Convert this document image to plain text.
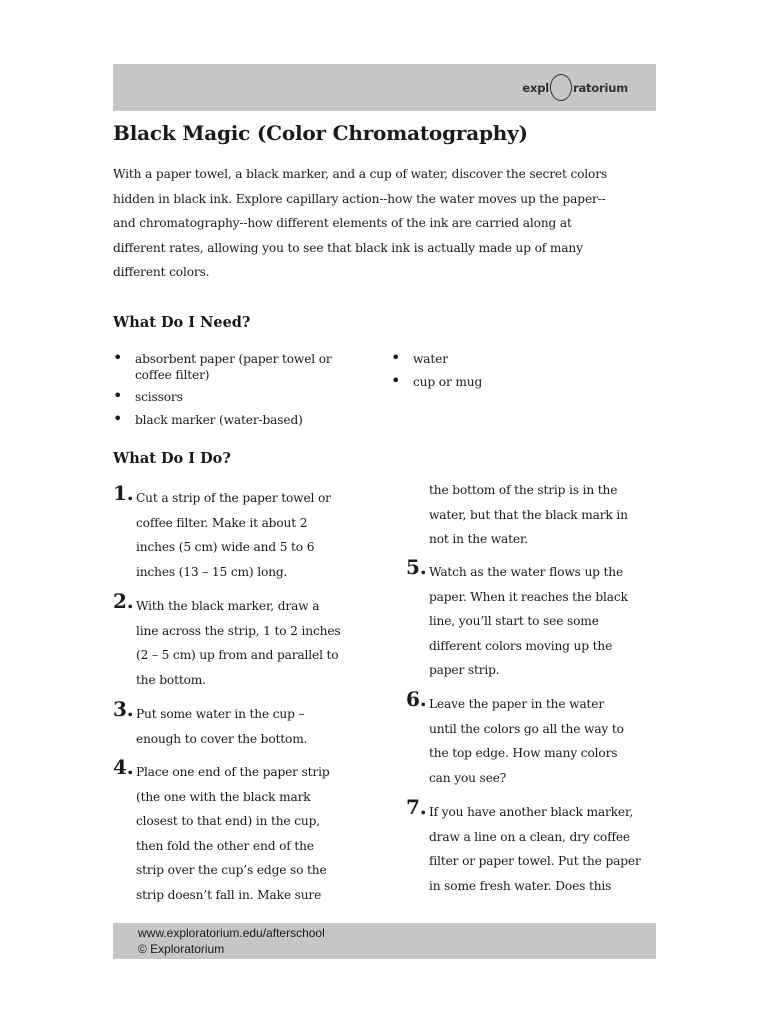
expl ratorium
Black Magic (Color Chromatography)
With a paper towel, a black marker, and a cup of water, discover the secret colors
hidden in black ink. Explore capillary action--how the water moves up the paper--
and chromatography--how different elements of the ink are carried along at
different rates, allowing you to see that black ink is actually made up of many
different colors.
What Do I Need?
• absorbent paper (paper towel or
coffee filter)
• scissors
• black marker (water-based)
• water
• cup or mug
What Do I Do?
1. Cut a strip of the paper towel or
coffee filter. Make it about 2
inches (5 cm) wide and 5 to 6
inches (13 – 15 cm) long.
2. With the black marker, draw a
line across the strip, 1 to 2 inches
(2 – 5 cm) up from and parallel to
the bottom.
3. Put some water in the cup –
enough to cover the bottom.
4. Place one end of the paper strip
(the one with the black mark
closest to that end) in the cup,
then fold the other end of the
strip over the cup’s edge so the
strip doesn’t fall in. Make sure
the bottom of the strip is in the
water, but that the black mark in
not in the water.
5. Watch as the water flows up the
paper. When it reaches the black
line, you’ll start to see some
different colors moving up the
paper strip.
6. Leave the paper in the water
until the colors go all the way to
the top edge. How many colors
can you see?
7. If you have another black marker,
draw a line on a clean, dry coffee
filter or paper towel. Put the paper
in some fresh water. Does this
www.exploratorium.edu/afterschool
© Exploratorium
